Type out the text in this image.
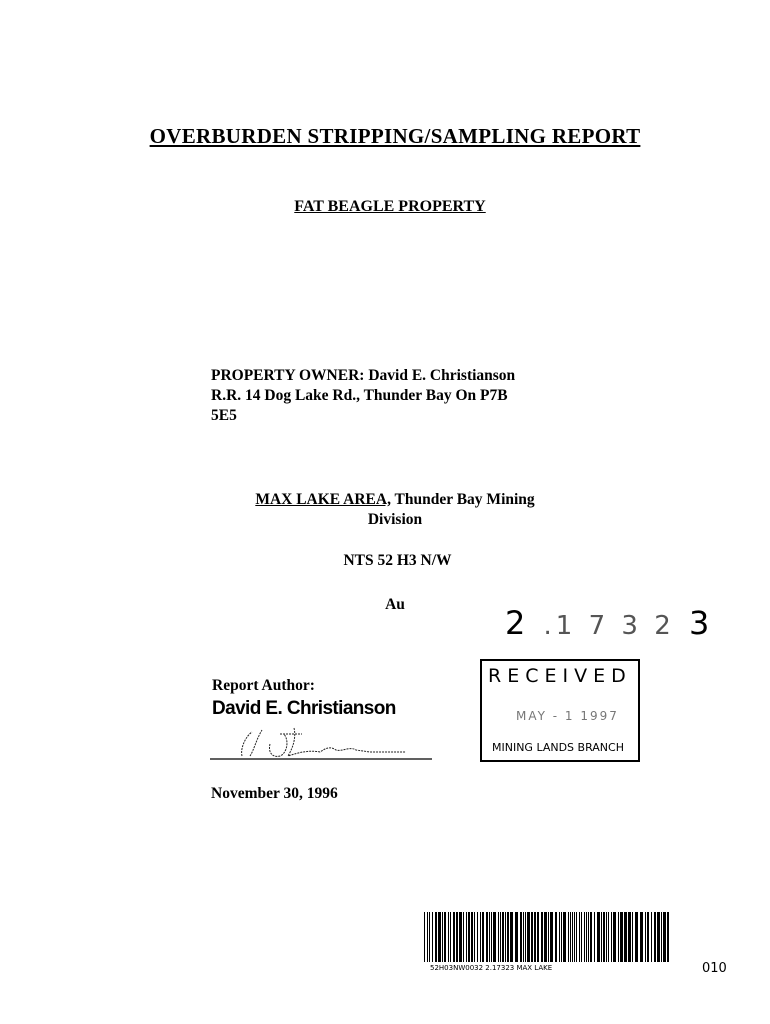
OVERBURDEN STRIPPING/SAMPLING REPORT
FAT BEAGLE PROPERTY
PROPERTY OWNER: David E. Christianson
R.R. 14 Dog Lake Rd., Thunder Bay On P7B
5E5
MAX LAKE AREA, Thunder Bay Mining
Division
NTS 52 H3 N/W
Au	2 .1 7 3 2 3
RECEIVED
MAY - 1 1997
MINING LANDS BRANCH
Report Author:
David E. Christianson
November 30, 1996
52H03NW0032 2.17323 MAX LAKE	010
